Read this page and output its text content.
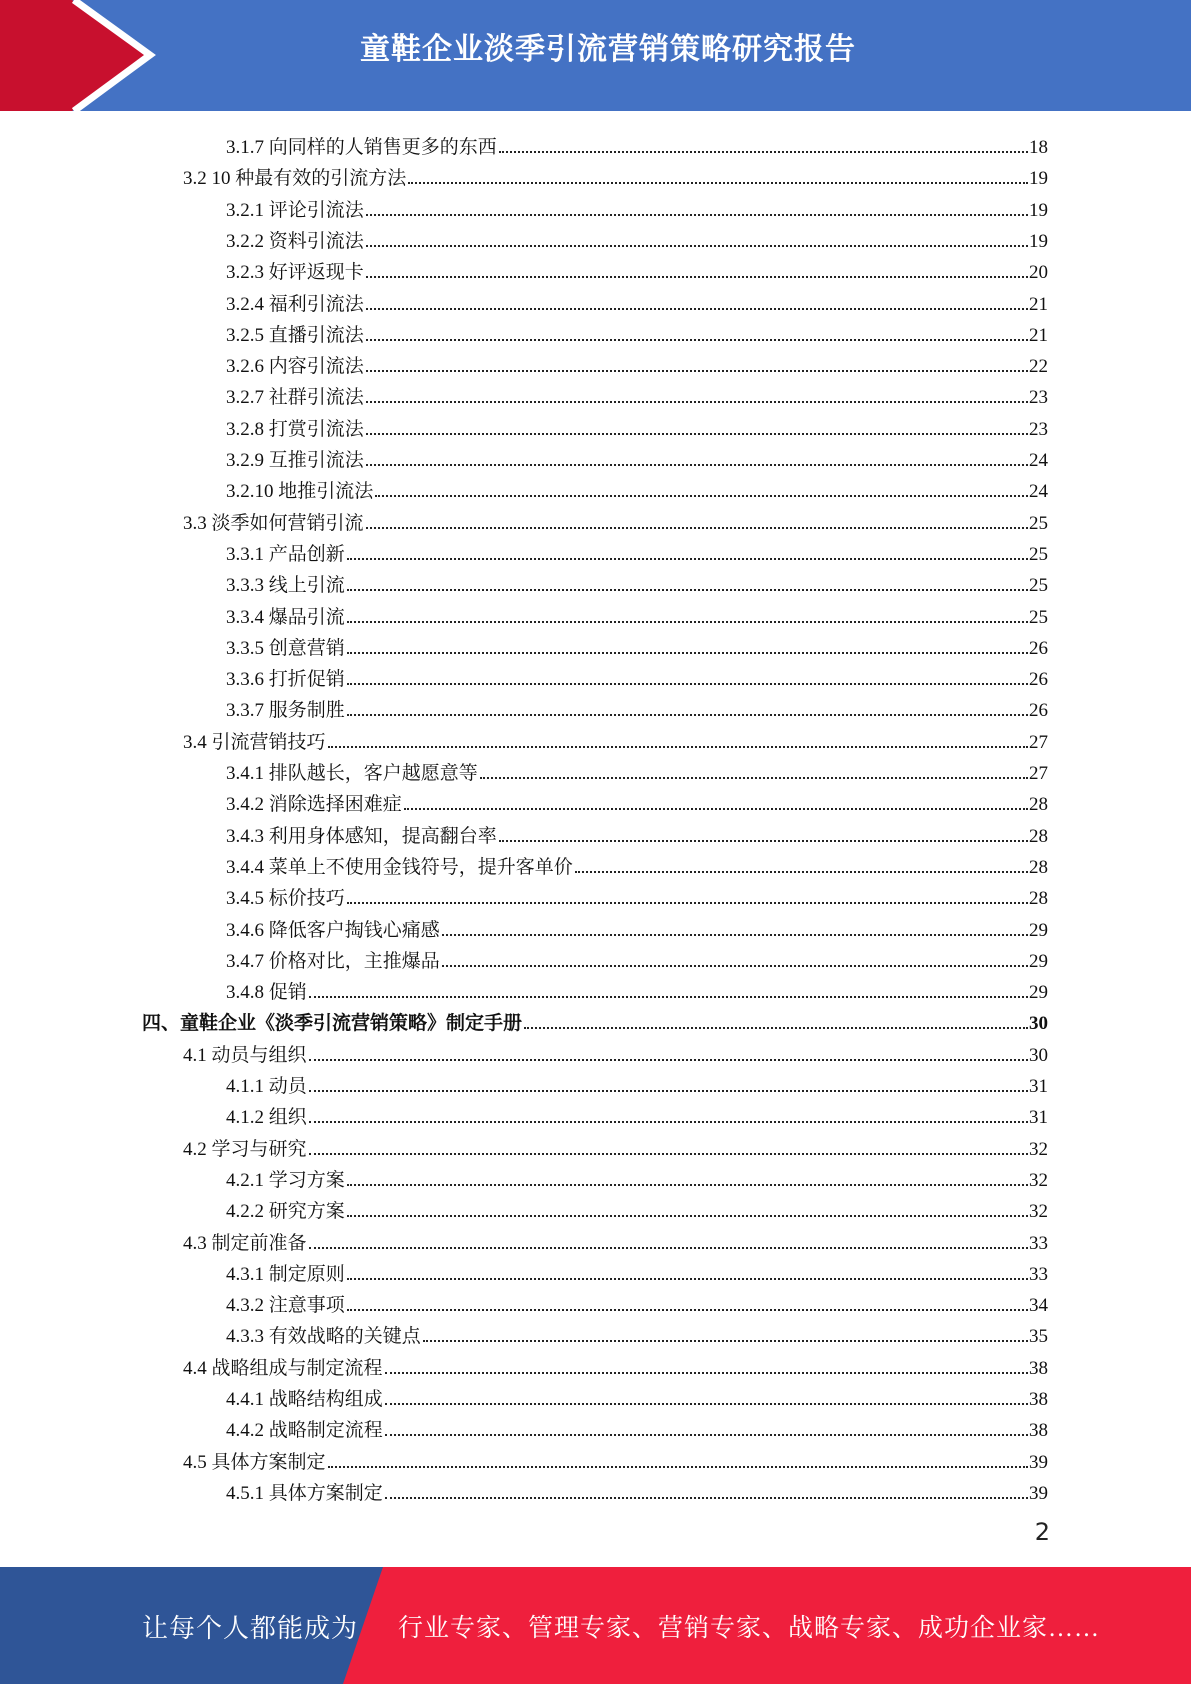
童鞋企业淡季引流营销策略研究报告
3.1.7 向同样的人销售更多的东西	18
3.2 10 种最有效的引流方法	19
3.2.1 评论引流法	19
3.2.2 资料引流法	19
3.2.3 好评返现卡	20
3.2.4 福利引流法	21
3.2.5 直播引流法	21
3.2.6 内容引流法	22
3.2.7 社群引流法	23
3.2.8 打赏引流法	23
3.2.9 互推引流法	24
3.2.10 地推引流法	24
3.3 淡季如何营销引流	25
3.3.1 产品创新	25
3.3.3 线上引流	25
3.3.4 爆品引流	25
3.3.5 创意营销	26
3.3.6 打折促销	26
3.3.7 服务制胜	26
3.4 引流营销技巧	27
3.4.1 排队越长，客户越愿意等	27
3.4.2 消除选择困难症	28
3.4.3 利用身体感知，提高翻台率	28
3.4.4 菜单上不使用金钱符号，提升客单价	28
3.4.5 标价技巧	28
3.4.6 降低客户掏钱心痛感	29
3.4.7 价格对比，主推爆品	29
3.4.8 促销	29
四、童鞋企业《淡季引流营销策略》制定手册	30
4.1 动员与组织	30
4.1.1 动员	31
4.1.2 组织	31
4.2 学习与研究	32
4.2.1 学习方案	32
4.2.2 研究方案	32
4.3 制定前准备	33
4.3.1 制定原则	33
4.3.2 注意事项	34
4.3.3 有效战略的关键点	35
4.4 战略组成与制定流程	38
4.4.1 战略结构组成	38
4.4.2 战略制定流程	38
4.5 具体方案制定	39
4.5.1 具体方案制定	39
2
让每个人都能成为 行业专家、管理专家、营销专家、战略专家、成功企业家……
